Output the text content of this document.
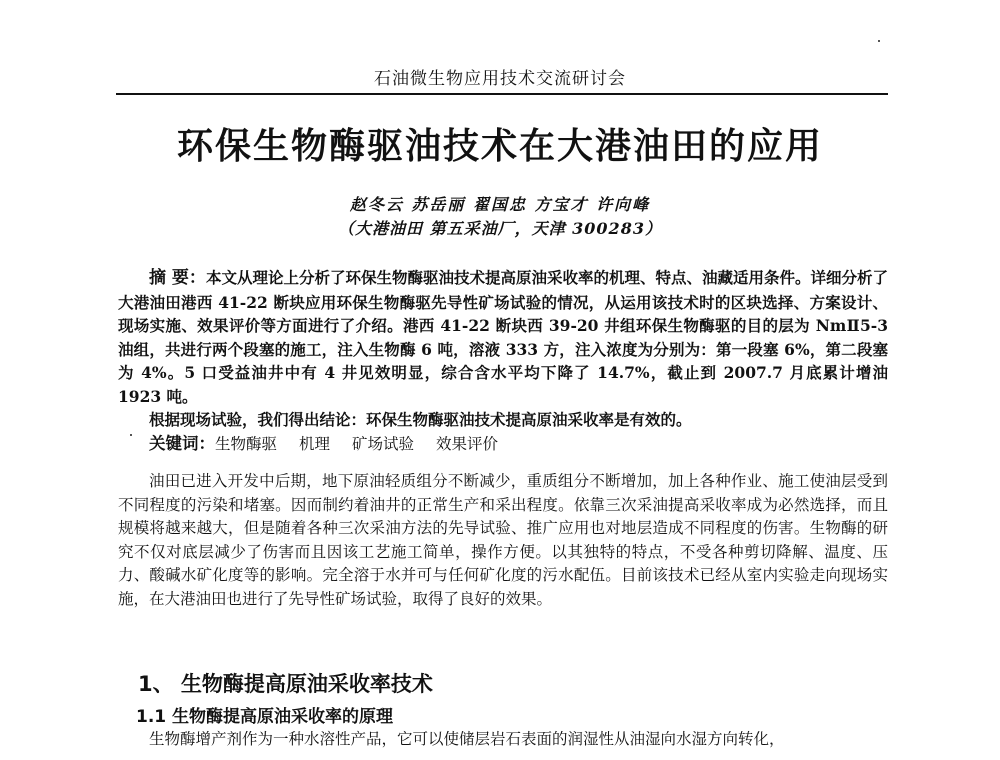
石油微生物应用技术交流研讨会
环保生物酶驱油技术在大港油田的应用
赵冬云 苏岳丽 翟国忠 方宝才 许向峰
（大港油田 第五采油厂，天津 300283）

摘 要：本文从理论上分析了环保生物酶驱油技术提高原油采收率的机理、特点、油藏适用条件。详细分析了大港油田港西 41-22 断块应用环保生物酶驱先导性矿场试验的情况，从运用该技术时的区块选择、方案设计、现场实施、效果评价等方面进行了介绍。港西 41-22 断块西 39-20 井组环保生物酶驱的目的层为 NmⅡ5-3 油组，共进行两个段塞的施工，注入生物酶 6 吨，溶液 333 方，注入浓度为分别为：第一段塞 6%，第二段塞为 4%。5 口受益油井中有 4 井见效明显，综合含水平均下降了 14.7%，截止到 2007.7 月底累计增油 1923 吨。

根据现场试验，我们得出结论：环保生物酶驱油技术提高原油采收率是有效的。

关键词：生物酶驱 机理 矿场试验 效果评价

油田已进入开发中后期，地下原油轻质组分不断减少，重质组分不断增加，加上各种作业、施工使油层受到不同程度的污染和堵塞。因而制约着油井的正常生产和采出程度。依靠三次采油提高采收率成为必然选择，而且规模将越来越大，但是随着各种三次采油方法的先导试验、推广应用也对地层造成不同程度的伤害。生物酶的研究不仅对底层减少了伤害而且因该工艺施工简单，操作方便。以其独特的特点，不受各种剪切降解、温度、压力、酸碱水矿化度等的影响。完全溶于水并可与任何矿化度的污水配伍。目前该技术已经从室内实验走向现场实施，在大港油田也进行了先导性矿场试验，取得了良好的效果。

1、 生物酶提高原油采收率技术
1.1 生物酶提高原油采收率的原理

生物酶增产剂作为一种水溶性产品，它可以使储层岩石表面的润湿性从油湿向水湿方向转化，
